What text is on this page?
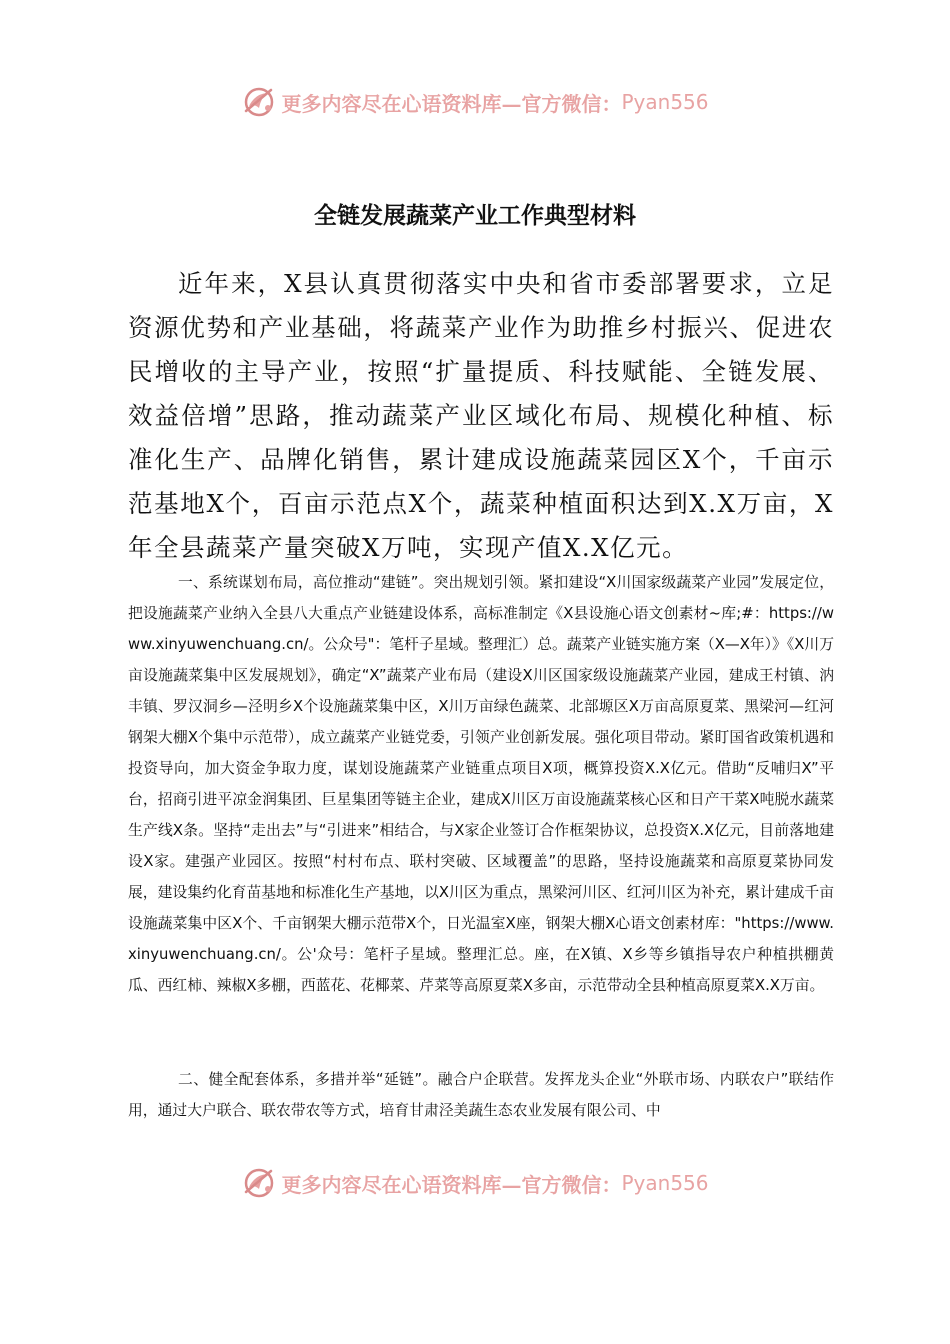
更多内容尽在心语资料库—官方微信： Pyan556
全链发展蔬菜产业工作典型材料

近年来，X县认真贯彻落实中央和省市委部署要求，立足资源优势和产业基础，将蔬菜产业作为助推乡村振兴、促进农民增收的主导产业，按照“扩量提质、科技赋能、全链发展、效益倍增”思路，推动蔬菜产业区域化布局、规模化种植、标准化生产、品牌化销售，累计建成设施蔬菜园区X个，千亩示范基地X个，百亩示范点X个，蔬菜种植面积达到X.X万亩，X年全县蔬菜产量突破X万吨，实现产值X.X亿元。

一、系统谋划布局，高位推动“建链”。突出规划引领。紧扣建设“X川国家级蔬菜产业园”发展定位，把设施蔬菜产业纳入全县八大重点产业链建设体系，高标准制定《X县设施心语文创素材~库;#：https://www.xinyuwenchuang.cn/。公众号"：笔杆子星域。整理汇）总。蔬菜产业链实施方案（X—X年）》《X川万亩设施蔬菜集中区发展规划》，确定“X”蔬菜产业布局（建设X川区国家级设施蔬菜产业园，建成王村镇、汭丰镇、罗汉洞乡—泾明乡X个设施蔬菜集中区，X川万亩绿色蔬菜、北部塬区X万亩高原夏菜、黑梁河—红河钢架大棚X个集中示范带），成立蔬菜产业链党委，引领产业创新发展。强化项目带动。紧盯国省政策机遇和投资导向，加大资金争取力度，谋划设施蔬菜产业链重点项目X项，概算投资X.X亿元。借助“反哺归X”平台，招商引进平凉金润集团、巨星集团等链主企业，建成X川区万亩设施蔬菜核心区和日产干菜X吨脱水蔬菜生产线X条。坚持“走出去”与“引进来”相结合，与X家企业签订合作框架协议，总投资X.X亿元，目前落地建设X家。建强产业园区。按照“村村布点、联村突破、区域覆盖”的思路，坚持设施蔬菜和高原夏菜协同发展，建设集约化育苗基地和标准化生产基地，以X川区为重点，黑梁河川区、红河川区为补充，累计建成千亩设施蔬菜集中区X个、千亩钢架大棚示范带X个，日光温室X座，钢架大棚X心语文创素材库："https://www.xinyuwenchuang.cn/。公'众号：笔杆子星域。整理汇总。座，在X镇、X乡等乡镇指导农户种植拱棚黄瓜、西红柿、辣椒X多棚，西蓝花、花椰菜、芹菜等高原夏菜X多亩，示范带动全县种植高原夏菜X.X万亩。

二、健全配套体系，多措并举“延链”。融合户企联营。发挥龙头企业“外联市场、内联农户”联结作用，通过大户联合、联农带农等方式，培育甘肃泾美蔬生态农业发展有限公司、中

更多内容尽在心语资料库—官方微信： Pyan556
